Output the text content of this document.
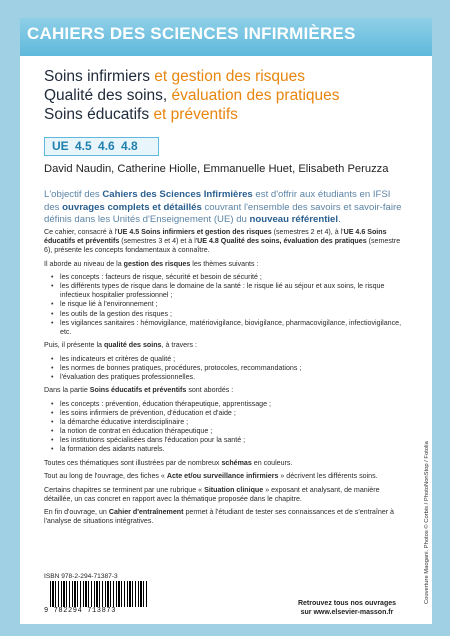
CAHIERS DES SCIENCES INFIRMIÈRES
Soins infirmiers et gestion des risques
Qualité des soins, évaluation des pratiques
Soins éducatifs et préventifs
UE 4.5 4.6 4.8
David Naudin, Catherine Hiolle, Emmanuelle Huet, Elisabeth Peruzza
L'objectif des Cahiers des Sciences Infirmières est d'offrir aux étudiants en IFSI des ouvrages complets et détaillés couvrant l'ensemble des savoirs et savoir-faire définis dans les Unités d'Enseignement (UE) du nouveau référentiel.

Ce cahier, consacré à l'UE 4.5 Soins infirmiers et gestion des risques (semestres 2 et 4), à l'UE 4.6 Soins éducatifs et préventifs (semestres 3 et 4) et à l'UE 4.8 Qualité des soins, évaluation des pratiques (semestre 6), présente les concepts fondamentaux à connaître.

Il aborde au niveau de la gestion des risques les thèmes suivants :

• les concepts : facteurs de risque, sécurité et besoin de sécurité ;
• les différents types de risque dans le domaine de la santé : le risque lié au séjour et aux soins, le risque infectieux hospitalier professionnel ;
• le risque lié à l'environnement ;
• les outils de la gestion des risques ;
• les vigilances sanitaires : hémovigilance, matériovigilance, biovigilance, pharmacovigilance, infectiovigilance, etc.

Puis, il présente la qualité des soins, à travers :

• les indicateurs et critères de qualité ;
• les normes de bonnes pratiques, procédures, protocoles, recommandations ;
• l'évaluation des pratiques professionnelles.

Dans la partie Soins éducatifs et préventifs sont abordés :

• les concepts : prévention, éducation thérapeutique, apprentissage ;
• les soins infirmiers de prévention, d'éducation et d'aide ;
• la démarche éducative interdisciplinaire ;
• la notion de contrat en éducation thérapeutique ;
• les institutions spécialisées dans l'éducation pour la santé ;
• la formation des aidants naturels.

Toutes ces thématiques sont illustrées par de nombreux schémas en couleurs.

Tout au long de l'ouvrage, des fiches « Acte et/ou surveillance infirmiers » décrivent les différents soins.

Certains chapitres se terminent par une rubrique « Situation clinique » exposant et analysant, de manière détaillée, un cas concret en rapport avec la thématique proposée dans le chapitre.

En fin d'ouvrage, un Cahier d'entraînement permet à l'étudiant de tester ses connaissances et de s'entraîner à l'analyse de situations intégratives.	Couverture Maogani. Photos © Corbis / PhotoNonStop / Fotolia
ISBN 978-2-294-71387-3
9 782294 713873
Retrouvez tous nos ouvrages
sur www.elsevier-masson.fr
